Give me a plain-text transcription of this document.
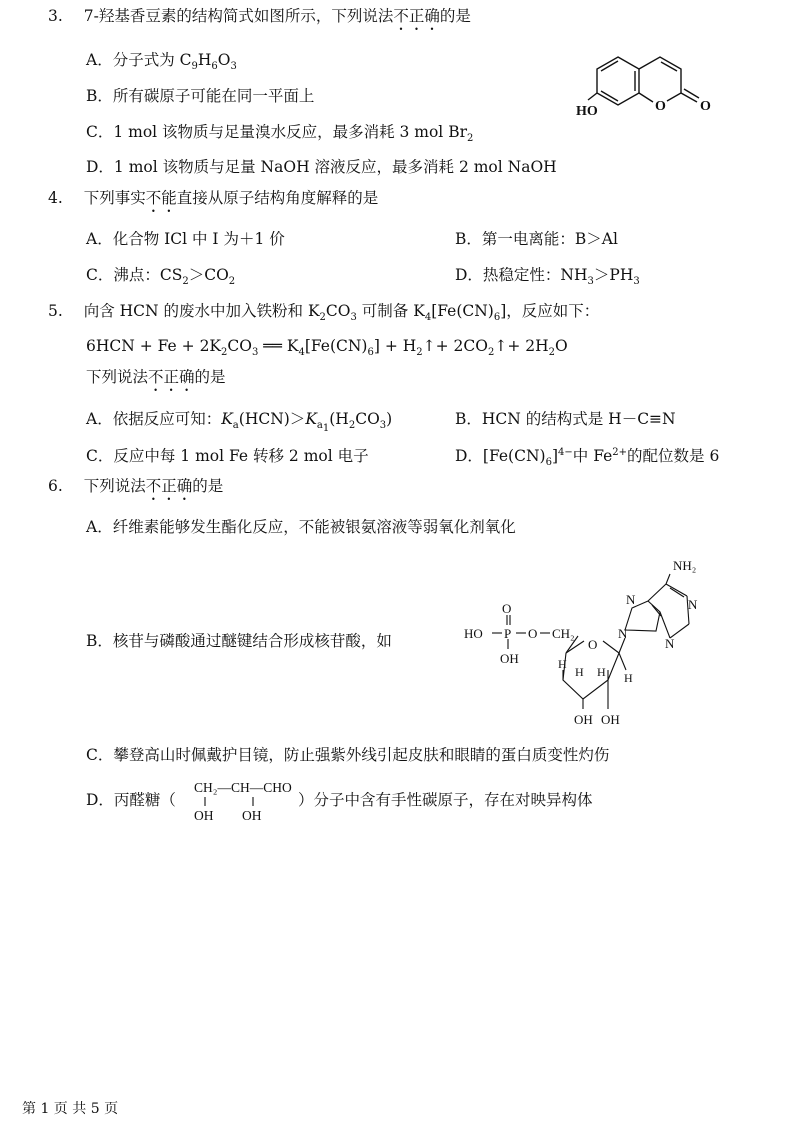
3. 7-羟基香豆素的结构简式如图所示，下列说法不正确的是
A．分子式为 $C_9H_6O_3$
B．所有碳原子可能在同一平面上
C．1 mol 该物质与足量溴水反应，最多消耗 3 mol $Br_2$
D．1 mol 该物质与足量 NaOH 溶液反应，最多消耗 2 mol NaOH
HO	O O
4. 下列事实不能直接从原子结构角度解释的是
A．化合物 ICl 中 I 为＋1 价	B．第一电离能：B＞Al
C．沸点：$CS_2>CO_2$	D．热稳定性：$NH_3>PH_3$
5. 向含 HCN 的废水中加入铁粉和 $K_2CO_3$ 可制备 $K_4[Fe(CN)_6]$，反应如下：
$6HCN + Fe + 2K_2CO_3$ ══ $K_4[Fe(CN)_6]$ + $H_2↑+$ $2CO_2↑+ 2H_2O$
下列说法不正确的是
A．依据反应可知：$K_a(HCN)>K_{a_1}(H_2CO_3)$	B．HCN 的结构式是 H－C≡N
C．反应中每 1 mol Fe 转移 2 mol 电子	D．$[Fe(CN)_6]^{4-}$中 $Fe^{2+}$的配位数是 6
6. 下列说法不正确的是
A．纤维素能够发生酯化反应，不能被银氨溶液等弱氧化剂氧化
B．核苷与磷酸通过醚键结合形成核苷酸，如
O
HO P O CH₂
OH
O
H
H H H
OH OH
N
N	N
N
NH₂
C．攀登高山时佩戴护目镜，防止强紫外线引起皮肤和眼睛的蛋白质变性灼伤
D．丙醛糖（	）分子中含有手性碳原子，存在对映异构体
CH₂—CH—CHO
OH OH
第 1 页 共 5 页
